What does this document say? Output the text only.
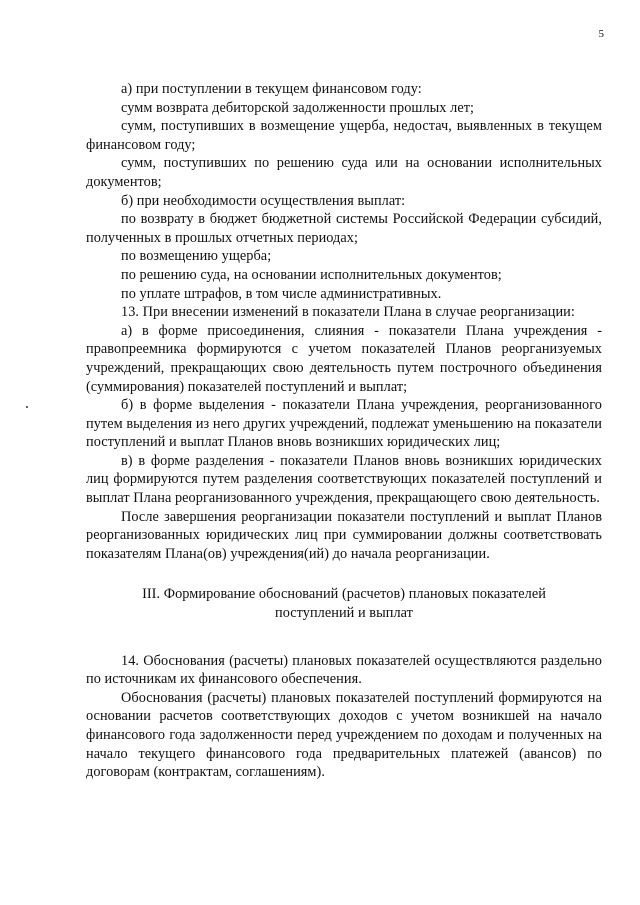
5

а) при поступлении в текущем финансовом году:

сумм возврата дебиторской задолженности прошлых лет;

сумм, поступивших в возмещение ущерба, недостач, выявленных в текущем финансовом году;

сумм, поступивших по решению суда или на основании исполнительных документов;

б) при необходимости осуществления выплат:

по возврату в бюджет бюджетной системы Российской Федерации субсидий, полученных в прошлых отчетных периодах;

по возмещению ущерба;

по решению суда, на основании исполнительных документов;

по уплате штрафов, в том числе административных.

13. При внесении изменений в показатели Плана в случае реорганизации:

а) в форме присоединения, слияния - показатели Плана учреждения - правопреемника формируются с учетом показателей Планов реорганизуемых учреждений, прекращающих свою деятельность путем построчного объединения (суммирования) показателей поступлений и выплат;

б) в форме выделения - показатели Плана учреждения, реорганизованного путем выделения из него других учреждений, подлежат уменьшению на показатели поступлений и выплат Планов вновь возникших юридических лиц;

в) в форме разделения - показатели Планов вновь возникших юридических лиц формируются путем разделения соответствующих показателей поступлений и выплат Плана реорганизованного учреждения, прекращающего свою деятельность.

После завершения реорганизации показатели поступлений и выплат Планов реорганизованных юридических лиц при суммировании должны соответствовать показателям Плана(ов) учреждения(ий) до начала реорганизации.

III. Формирование обоснований (расчетов) плановых показателей поступлений и выплат

14. Обоснования (расчеты) плановых показателей осуществляются раздельно по источникам их финансового обеспечения.

Обоснования (расчеты) плановых показателей поступлений формируются на основании расчетов соответствующих доходов с учетом возникшей на начало финансового года задолженности перед учреждением по доходам и полученных на начало текущего финансового года предварительных платежей (авансов) по договорам (контрактам, соглашениям).
